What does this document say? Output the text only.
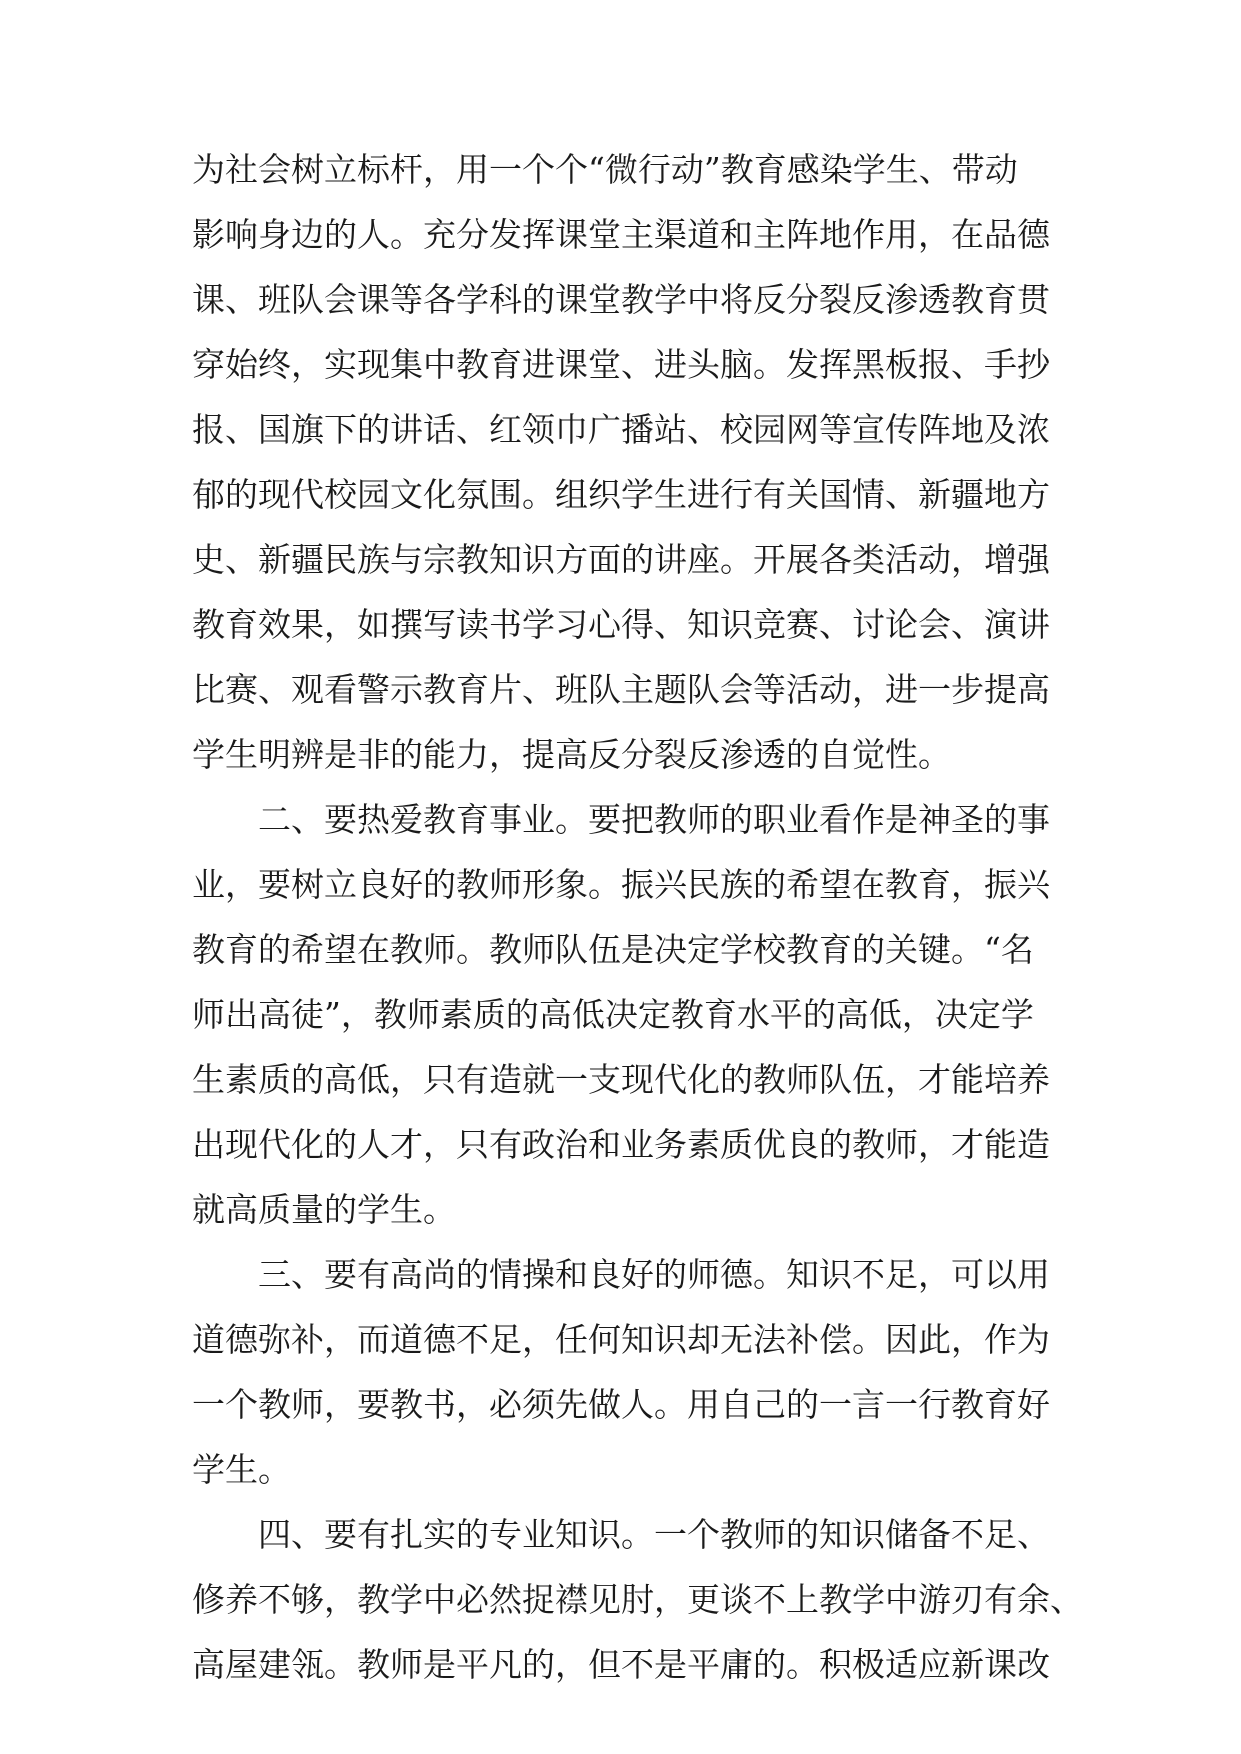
为社会树立标杆，用一个个“微行动”教育感染学生、带动
影响身边的人。充分发挥课堂主渠道和主阵地作用，在品德
课、班队会课等各学科的课堂教学中将反分裂反渗透教育贯
穿始终，实现集中教育进课堂、进头脑。发挥黑板报、手抄
报、国旗下的讲话、红领巾广播站、校园网等宣传阵地及浓
郁的现代校园文化氛围。组织学生进行有关国情、新疆地方
史、新疆民族与宗教知识方面的讲座。开展各类活动，增强
教育效果，如撰写读书学习心得、知识竞赛、讨论会、演讲
比赛、观看警示教育片、班队主题队会等活动，进一步提高
学生明辨是非的能力，提高反分裂反渗透的自觉性。
二、要热爱教育事业。要把教师的职业看作是神圣的事
业，要树立良好的教师形象。振兴民族的希望在教育，振兴
教育的希望在教师。教师队伍是决定学校教育的关键。“名
师出高徒”，教师素质的高低决定教育水平的高低，决定学
生素质的高低，只有造就一支现代化的教师队伍，才能培养
出现代化的人才，只有政治和业务素质优良的教师，才能造
就高质量的学生。
三、要有高尚的情操和良好的师德。知识不足，可以用
道德弥补，而道德不足，任何知识却无法补偿。因此，作为
一个教师，要教书，必须先做人。用自己的一言一行教育好
学生。
四、要有扎实的专业知识。一个教师的知识储备不足、
修养不够，教学中必然捉襟见肘，更谈不上教学中游刃有余、
高屋建瓴。教师是平凡的，但不是平庸的。积极适应新课改
